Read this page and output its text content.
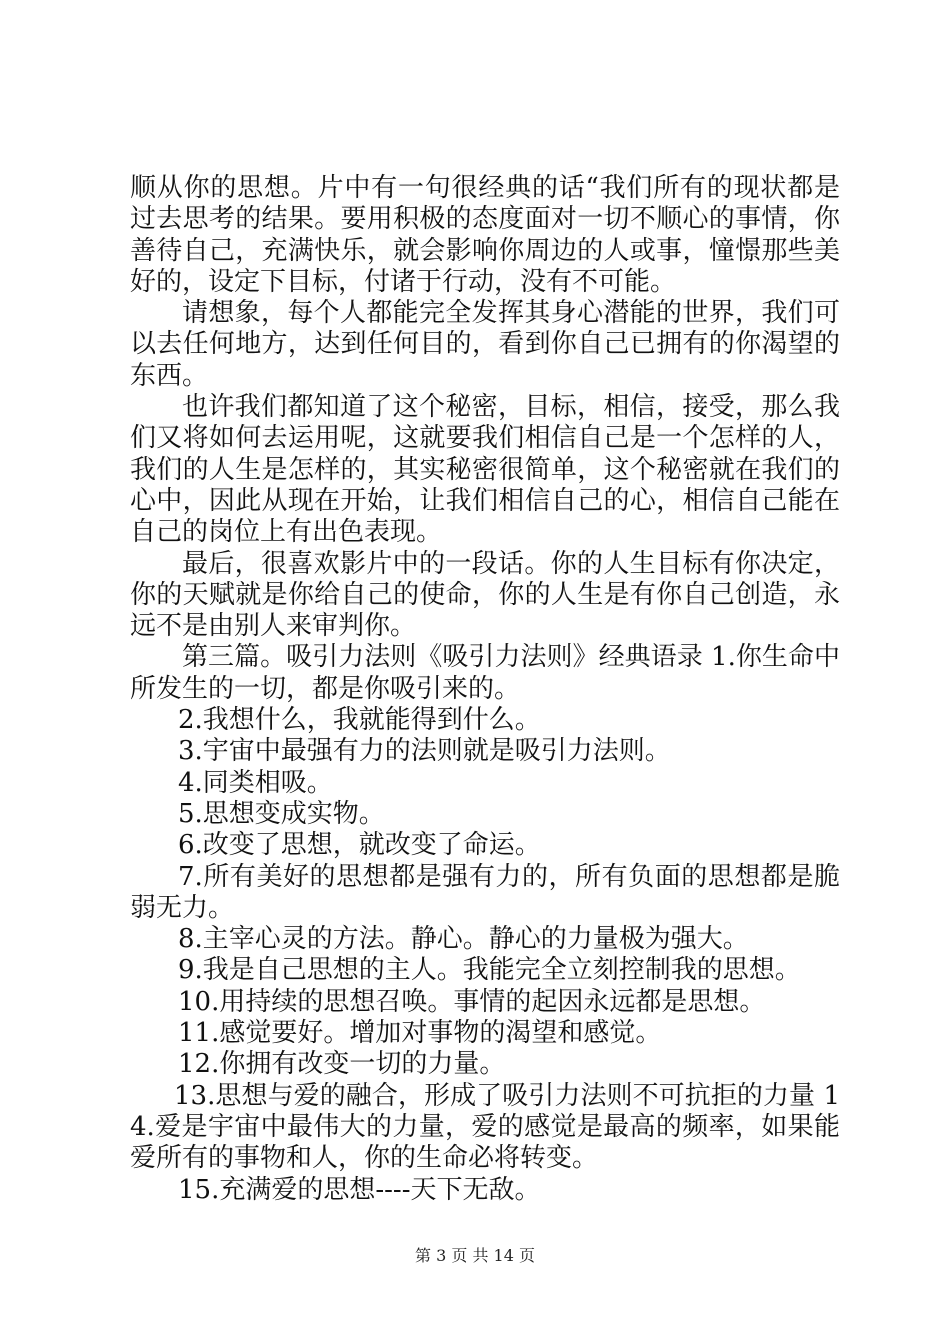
顺从你的思想。片中有一句很经典的话“我们所有的现状都是过去思考的结果。要用积极的态度面对一切不顺心的事情，你善待自己，充满快乐，就会影响你周边的人或事，憧憬那些美好的，设定下目标，付诸于行动，没有不可能。

请想象，每个人都能完全发挥其身心潜能的世界，我们可以去任何地方，达到任何目的，看到你自己已拥有的你渴望的东西。

也许我们都知道了这个秘密，目标，相信，接受，那么我们又将如何去运用呢，这就要我们相信自己是一个怎样的人，我们的人生是怎样的，其实秘密很简单，这个秘密就在我们的心中，因此从现在开始，让我们相信自己的心，相信自己能在自己的岗位上有出色表现。

最后，很喜欢影片中的一段话。你的人生目标有你决定，你的天赋就是你给自己的使命，你的人生是有你自己创造，永远不是由别人来审判你。

第三篇。吸引力法则《吸引力法则》经典语录 1.你生命中所发生的一切，都是你吸引来的。

2.我想什么，我就能得到什么。

3.宇宙中最强有力的法则就是吸引力法则。

4.同类相吸。

5.思想变成实物。

6.改变了思想，就改变了命运。

7.所有美好的思想都是强有力的，所有负面的思想都是脆弱无力。

8.主宰心灵的方法。静心。静心的力量极为强大。

9.我是自己思想的主人。我能完全立刻控制我的思想。

10.用持续的思想召唤。事情的起因永远都是思想。

11.感觉要好。增加对事物的渴望和感觉。

12.你拥有改变一切的力量。

13.思想与爱的融合，形成了吸引力法则不可抗拒的力量 14.爱是宇宙中最伟大的力量，爱的感觉是最高的频率，如果能爱所有的事物和人，你的生命必将转变。

15.充满爱的思想----天下无敌。

第 3 页 共 14 页
